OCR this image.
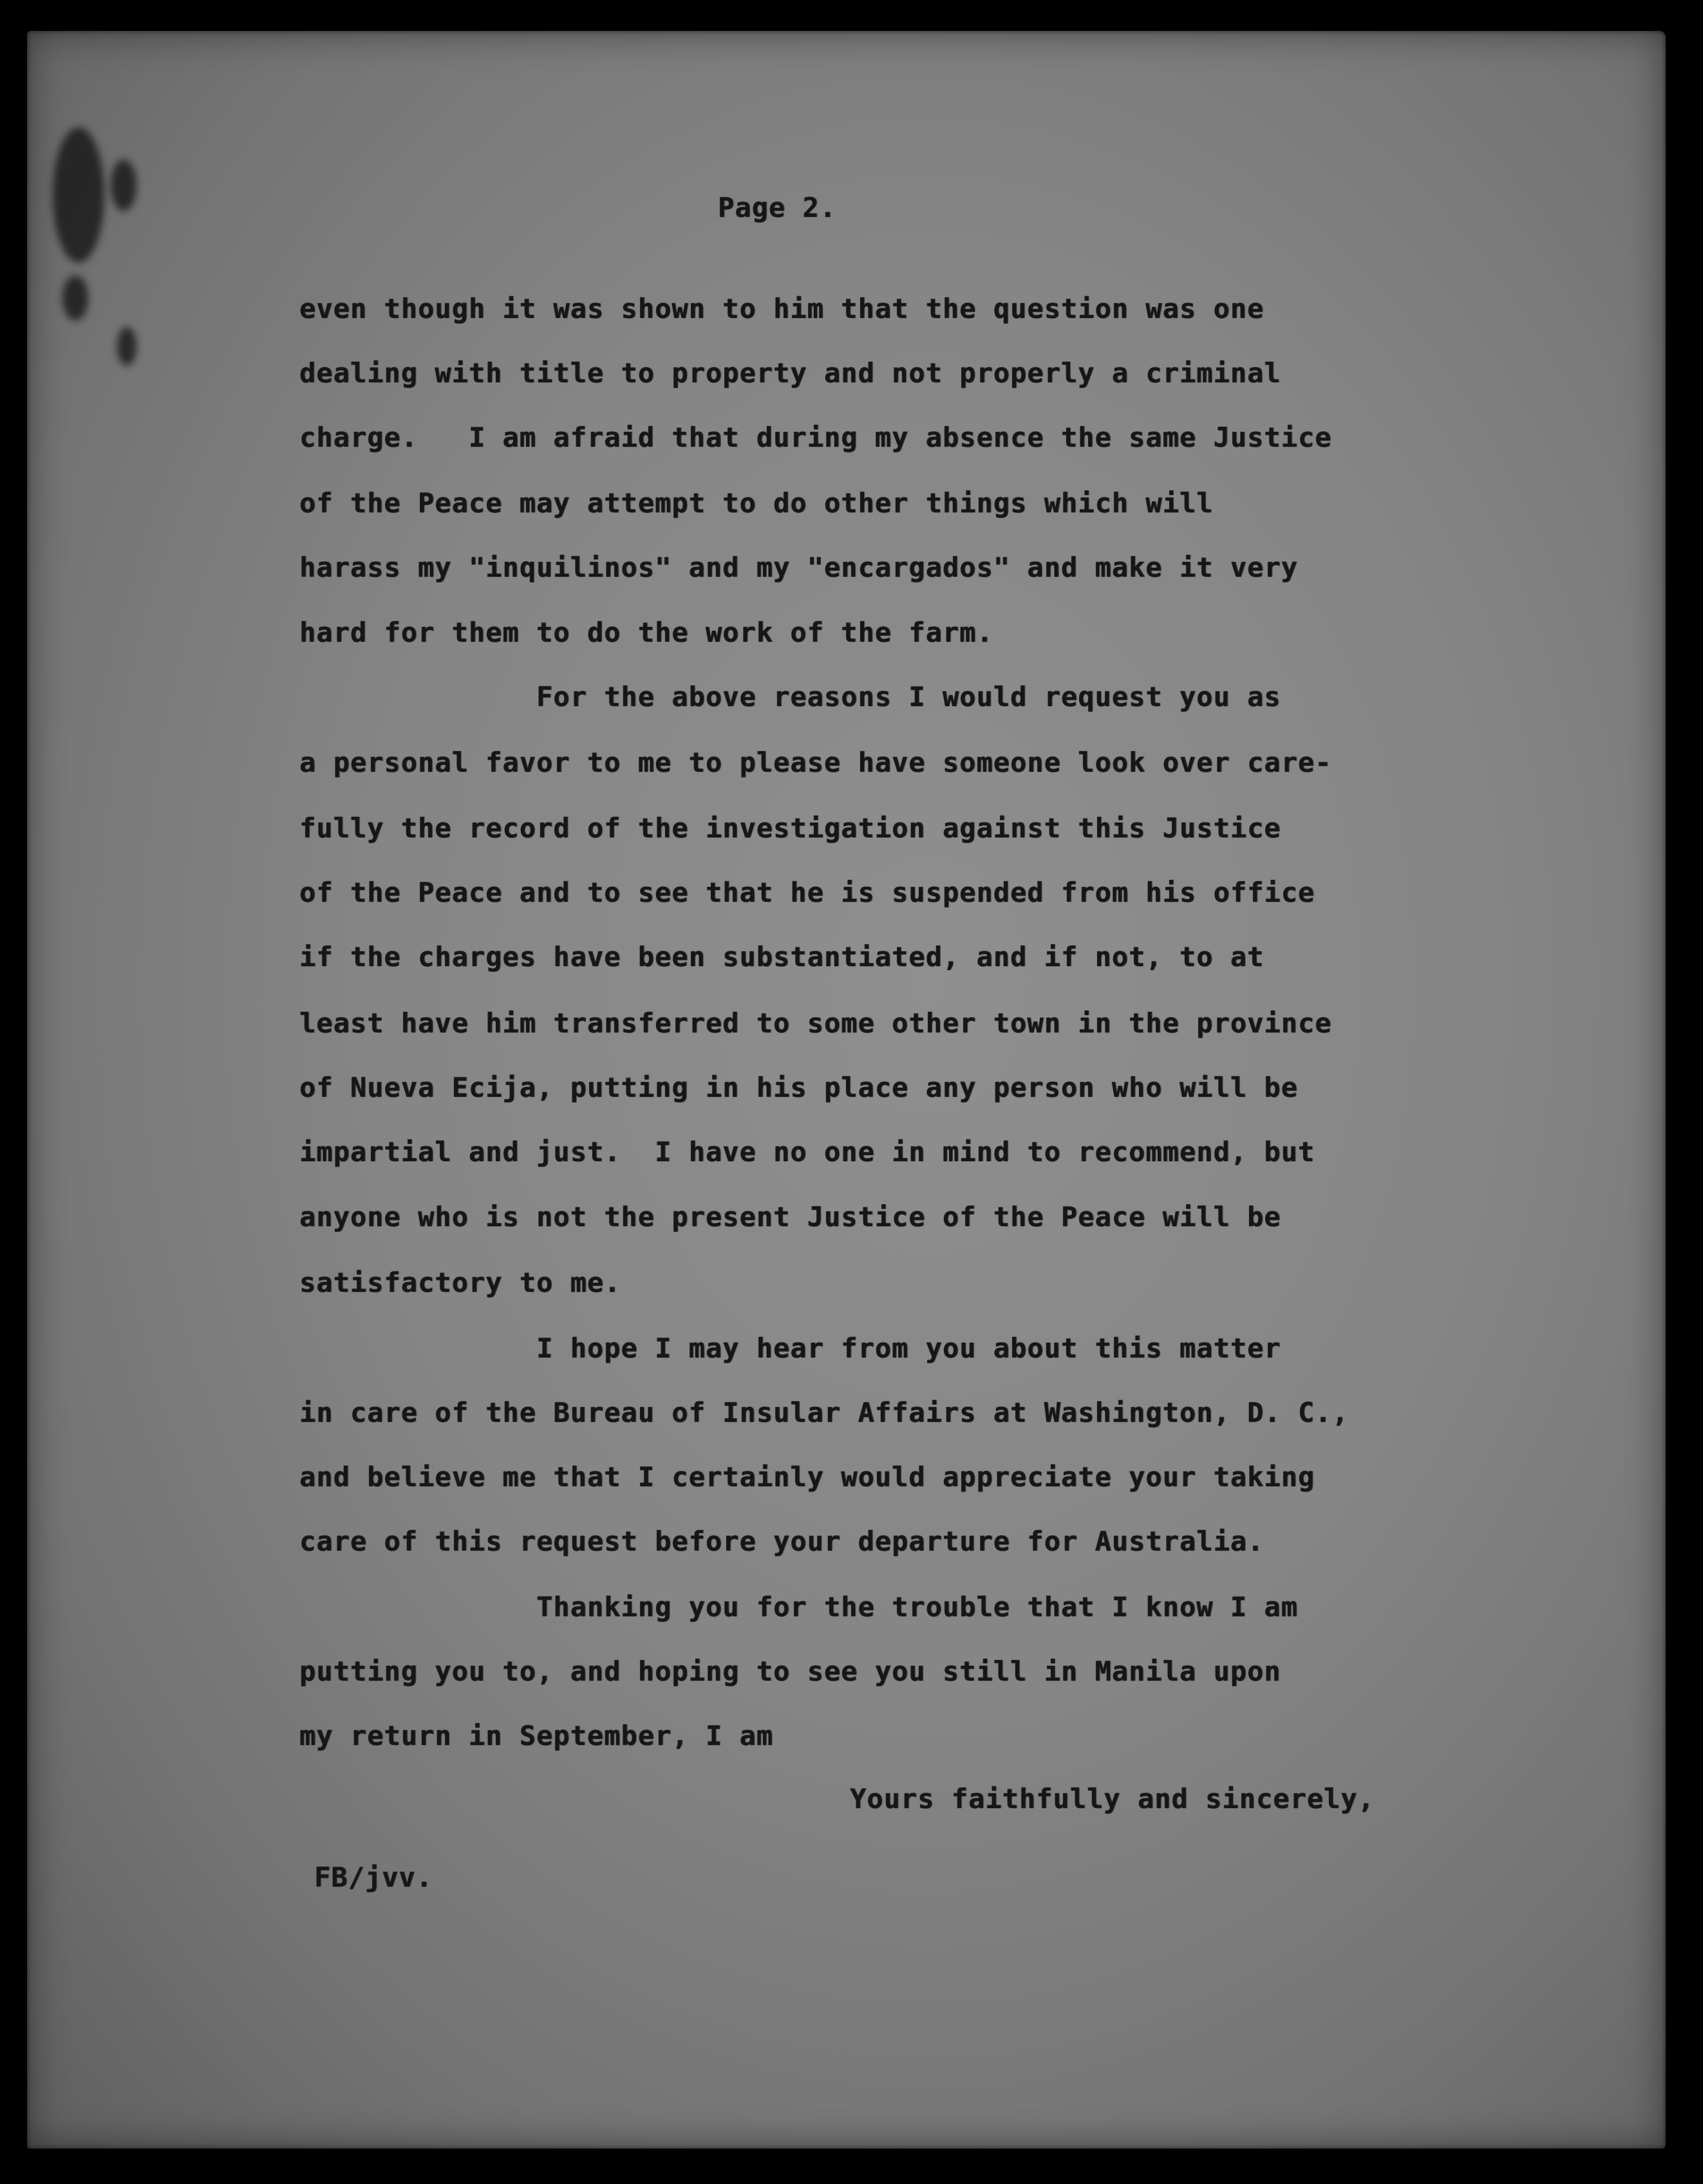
Page 2.
even though it was shown to him that the question was one
dealing with title to property and not properly a criminal
charge.   I am afraid that during my absence the same Justice
of the Peace may attempt to do other things which will
harass my "inquilinos" and my "encargados" and make it very
hard for them to do the work of the farm.
For the above reasons I would request you as
a personal favor to me to please have someone look over care-
fully the record of the investigation against this Justice
of the Peace and to see that he is suspended from his office
if the charges have been substantiated, and if not, to at
least have him transferred to some other town in the province
of Nueva Ecija, putting in his place any person who will be
impartial and just.  I have no one in mind to recommend, but
anyone who is not the present Justice of the Peace will be
satisfactory to me.
I hope I may hear from you about this matter
in care of the Bureau of Insular Affairs at Washington, D. C.,
and believe me that I certainly would appreciate your taking
care of this request before your departure for Australia.
Thanking you for the trouble that I know I am
putting you to, and hoping to see you still in Manila upon
my return in September, I am
Yours faithfully and sincerely,
FB/jvv.
